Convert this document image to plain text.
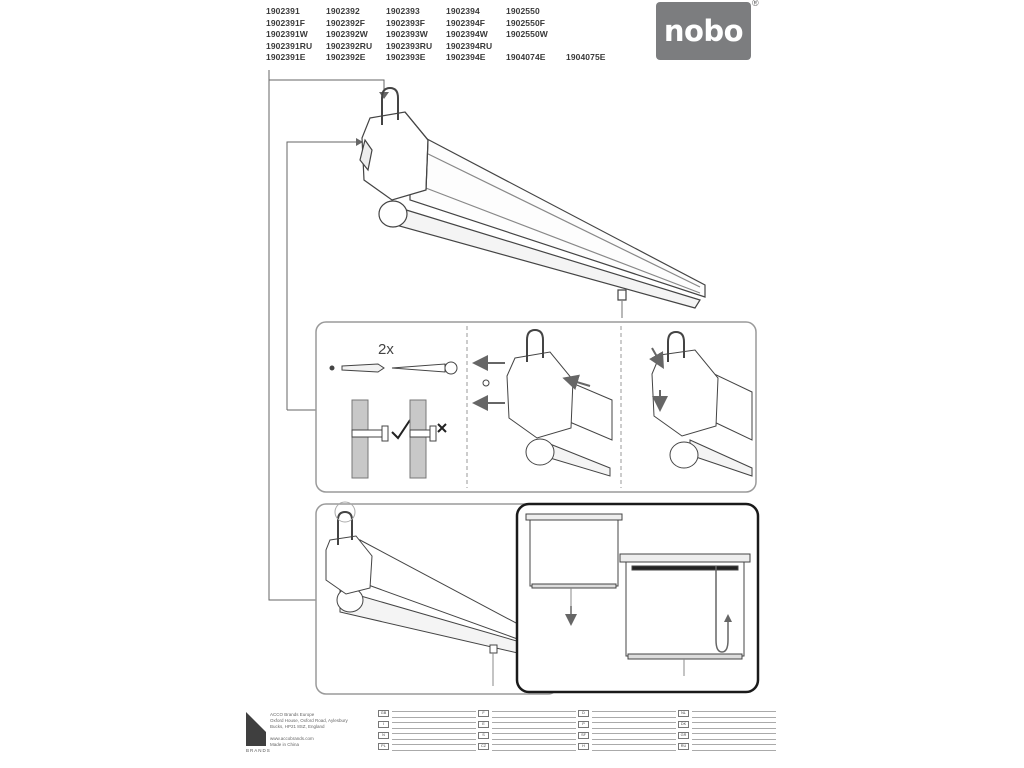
1902391	1902392	1902393	1902394	1902550
1902391F	1902392F	1902393F	1902394F	1902550F
1902391W	1902392W	1902393W	1902394W	1902550W
1902391RU	1902392RU	1902393RU	1902394RU
1902391E	1902392E	1902393E	1902394E	1904074E	1904075E
nobo
®
2x
BRANDS
ACCO Brands Europe
Oxford House, Oxford Road, Aylesbury
Bucks, HP21 8SZ, England

www.accobrands.com
Made in China
GB	F	D	NL
I	E	P	DK
N	S	SF	GR
PL	CZ	H	RU
